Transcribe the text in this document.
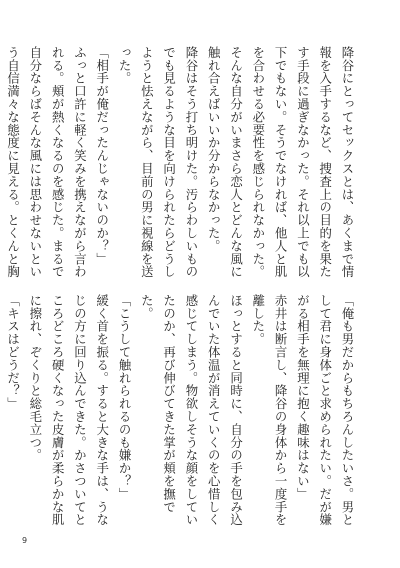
降谷にとってセックスとは、あくまで情報を入手するなど、捜査上の目的を果たす手段に過ぎなかった。それ以上でも以下でもない。そうでなければ、他人と肌を合わせる必要性を感じられなかった。
そんな自分がいまさら恋人とどんな風に触れ合えばいいか分からなかった。
降谷はそう打ち明けた。汚らわしいものでも見るような目を向けられたらどうしようと怯えながら、目前の男に視線を送った。
「相手が俺だったんじゃないのか？」
ふっと口許に軽く笑みを携えながら言われる。頬が熱くなるのを感じた。まるで自分ならばそんな風には思わせないという自信満々な態度に見える。とくんと胸

「俺も男だからもちろんしたいさ。男として君に身体ごと求められたい。だが嫌がる相手を無理に抱く趣味はない」
赤井は断言し、降谷の身体から一度手を離した。
ほっとすると同時に、自分の手を包み込んでいた体温が消えていくのを心惜しく感じてしまう。物欲しそうな顔をしていたのか、再び伸びてきた掌が頬を撫でた。
「こうして触れられるのも嫌か？」
緩く首を振る。すると大きな手は、うなじの方に回り込んできた。かさついてところどころ硬くなった皮膚が柔らかな肌に擦れ、ぞくりと総毛立つ。
「キスはどうだ？」

9
